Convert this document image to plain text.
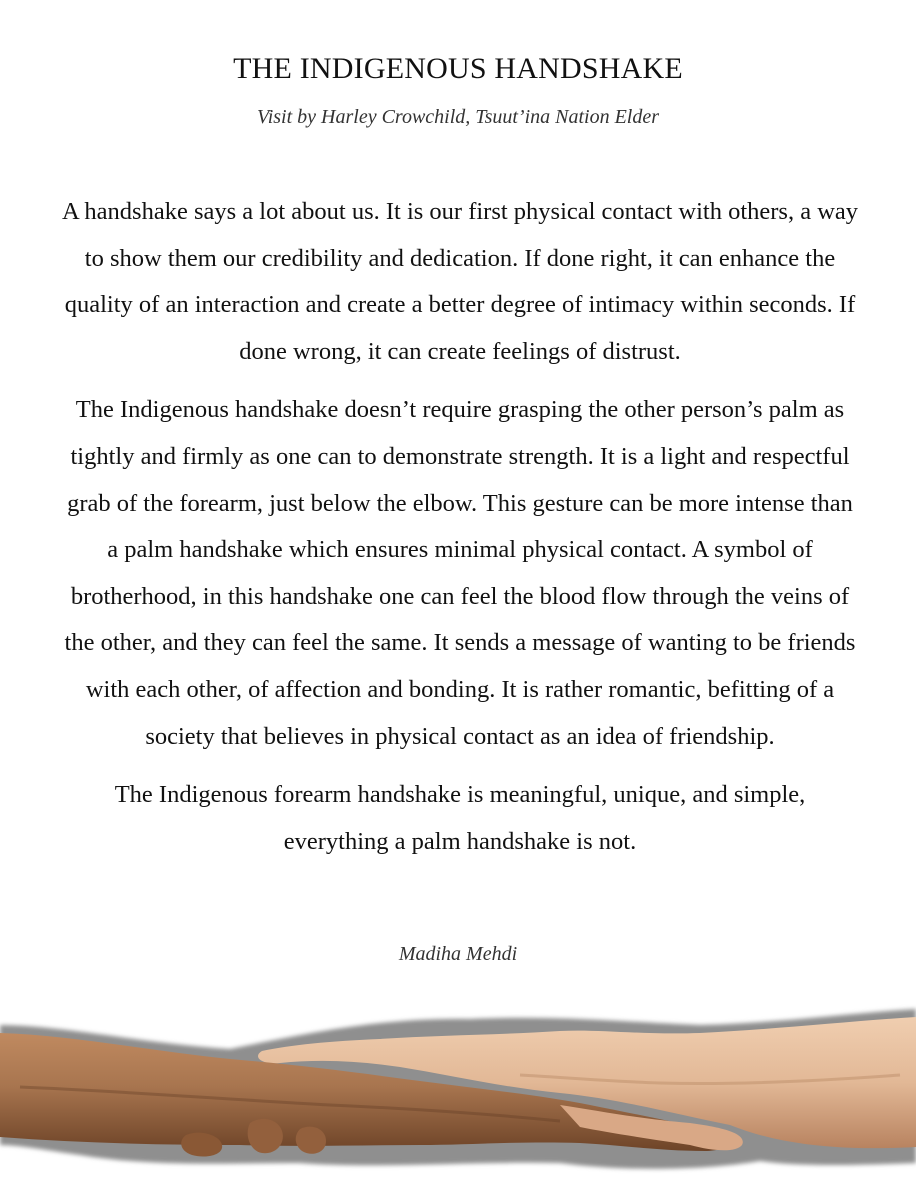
THE INDIGENOUS HANDSHAKE
Visit by Harley Crowchild, Tsuut’ina Nation Elder

A handshake says a lot about us. It is our first physical contact with others, a way to show them our credibility and dedication. If done right, it can enhance the quality of an interaction and create a better degree of intimacy within seconds. If done wrong, it can create feelings of distrust.

The Indigenous handshake doesn’t require grasping the other person’s palm as tightly and firmly as one can to demonstrate strength. It is a light and respectful grab of the forearm, just below the elbow. This gesture can be more intense than a palm handshake which ensures minimal physical contact. A symbol of brotherhood, in this handshake one can feel the blood flow through the veins of the other, and they can feel the same. It sends a message of wanting to be friends with each other, of affection and bonding. It is rather romantic, befitting of a society that believes in physical contact as an idea of friendship.

The Indigenous forearm handshake is meaningful, unique, and simple, everything a palm handshake is not.

Madiha Mehdi
